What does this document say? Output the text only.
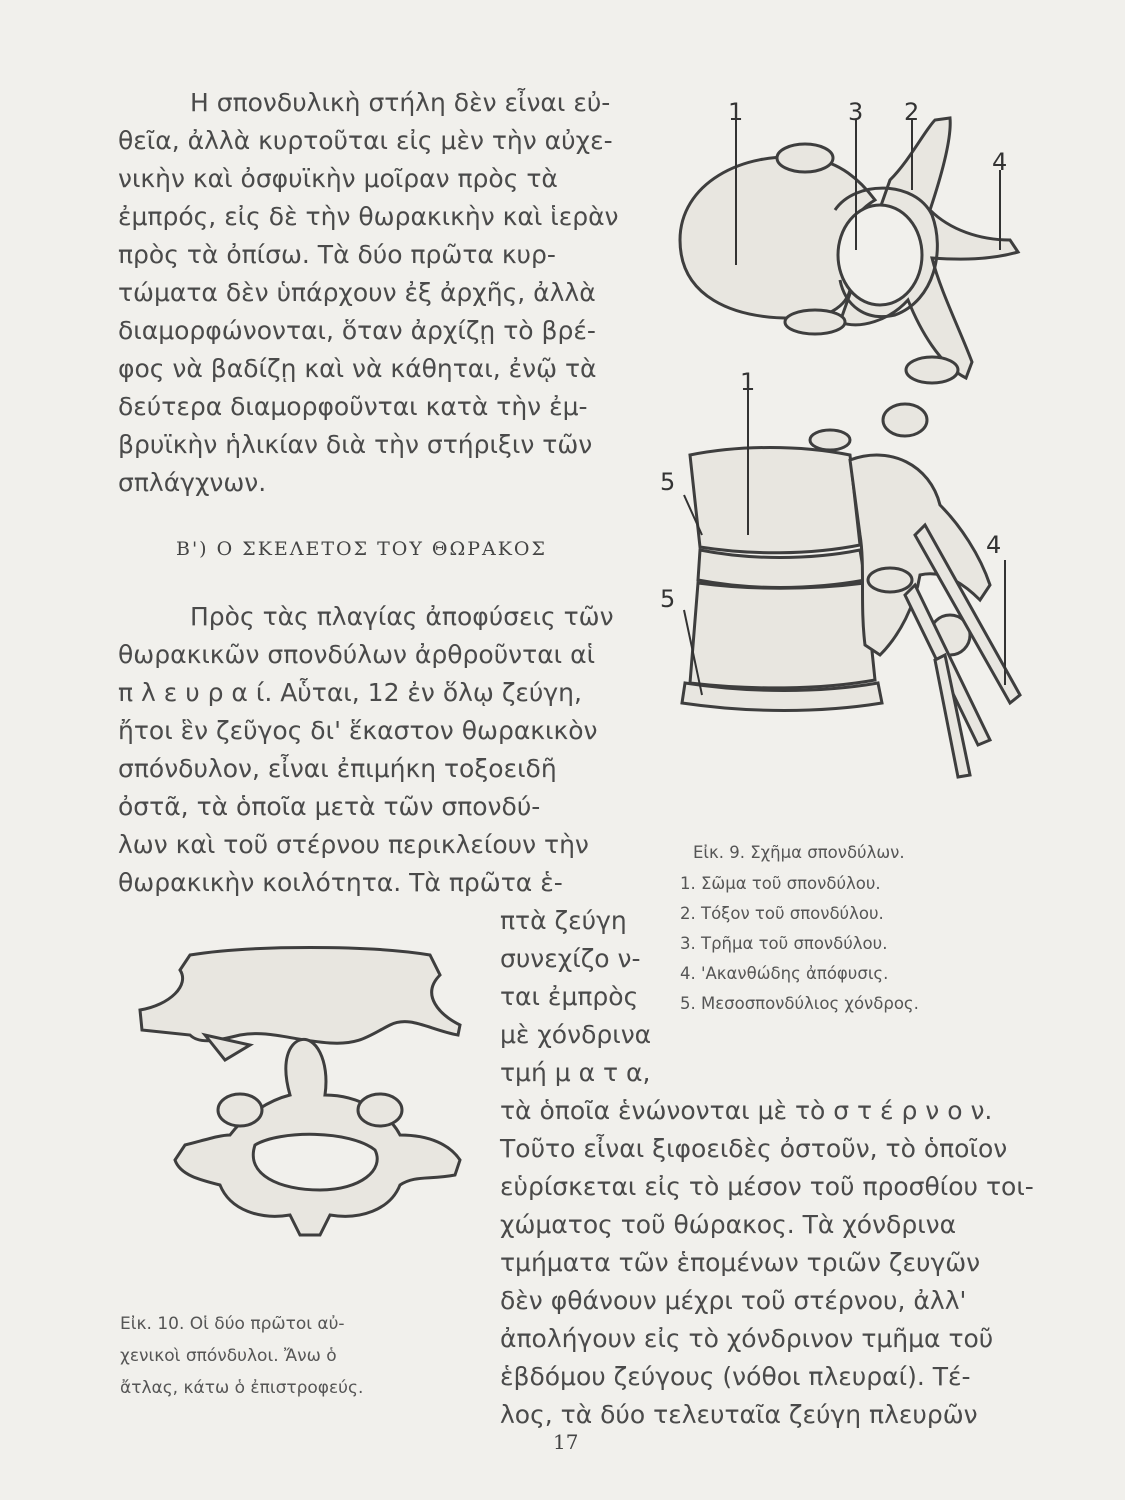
Η σπονδυλικὴ στήλη δὲν εἶναι εὐ-
θεῖα, ἀλλὰ κυρτοῦται εἰς μὲν τὴν αὐχε-
νικὴν καὶ ὀσφυϊκὴν μοῖραν πρὸς τὰ
ἐμπρός, εἰς δὲ τὴν θωρακικὴν καὶ ἱερὰν
πρὸς τὰ ὀπίσω. Τὰ δύο πρῶτα κυρ-
τώματα δὲν ὑπάρχουν ἐξ ἀρχῆς, ἀλλὰ
διαμορφώνονται, ὅταν ἀρχίζῃ τὸ βρέ-
φος νὰ βαδίζῃ καὶ νὰ κάθηται, ἐνῷ τὰ
δεύτερα διαμορφοῦνται κατὰ τὴν ἐμ-
βρυϊκὴν ἡλικίαν διὰ τὴν στήριξιν τῶν
σπλάγχνων.
Β') Ο ΣΚΕΛΕΤΟΣ ΤΟΥ ΘΩΡΑΚΟΣ
Πρὸς τὰς πλαγίας ἀποφύσεις τῶν
θωρακικῶν σπονδύλων ἀρθροῦνται αἱ
π λ ε υ ρ α ί. Αὗται, 12 ἐν ὅλῳ ζεύγη,
ἤτοι ἓν ζεῦγος δι' ἕκαστον θωρακικὸν
σπόνδυλον, εἶναι ἐπιμήκη τοξοειδῆ
ὀστᾶ, τὰ ὁποῖα μετὰ τῶν σπονδύ-
λων καὶ τοῦ στέρνου περικλείουν τὴν
θωρακικὴν κοιλότητα. Τὰ πρῶτα ἑ-
πτὰ ζεύγη
συνεχίζο ν-
ται ἐμπρὸς
μὲ χόνδρινα
τμή μ α τ α,
τὰ ὁποῖα ἑνώνονται μὲ τὸ σ τ έ ρ ν ο ν.
Τοῦτο εἶναι ξιφοειδὲς ὀστοῦν, τὸ ὁποῖον
εὑρίσκεται εἰς τὸ μέσον τοῦ προσθίου τοι-
χώματος τοῦ θώρακος. Τὰ χόνδρινα
τμήματα τῶν ἑπομένων τριῶν ζευγῶν
δὲν φθάνουν μέχρι τοῦ στέρνου, ἀλλ'
ἀπολήγουν εἰς τὸ χόνδρινον τμῆμα τοῦ
ἑβδόμου ζεύγους (νόθοι πλευραί). Τέ-
λος, τὰ δύο τελευταῖα ζεύγη πλευρῶν
1	3 2
4
1
5
4
5
Εἰκ. 9. Σχῆμα σπονδύλων.
1. Σῶμα τοῦ σπονδύλου.
2. Τόξον τοῦ σπονδύλου.
3. Τρῆμα τοῦ σπονδύλου.
4. 'Ακανθώδης ἀπόφυσις.
5. Μεσοσπονδύλιος χόνδρος.
Εἰκ. 10. Οἱ δύο πρῶτοι αὐ-
χενικοὶ σπόνδυλοι. Ἄνω ὁ
ἄτλας, κάτω ὁ ἐπιστροφεύς.
17
